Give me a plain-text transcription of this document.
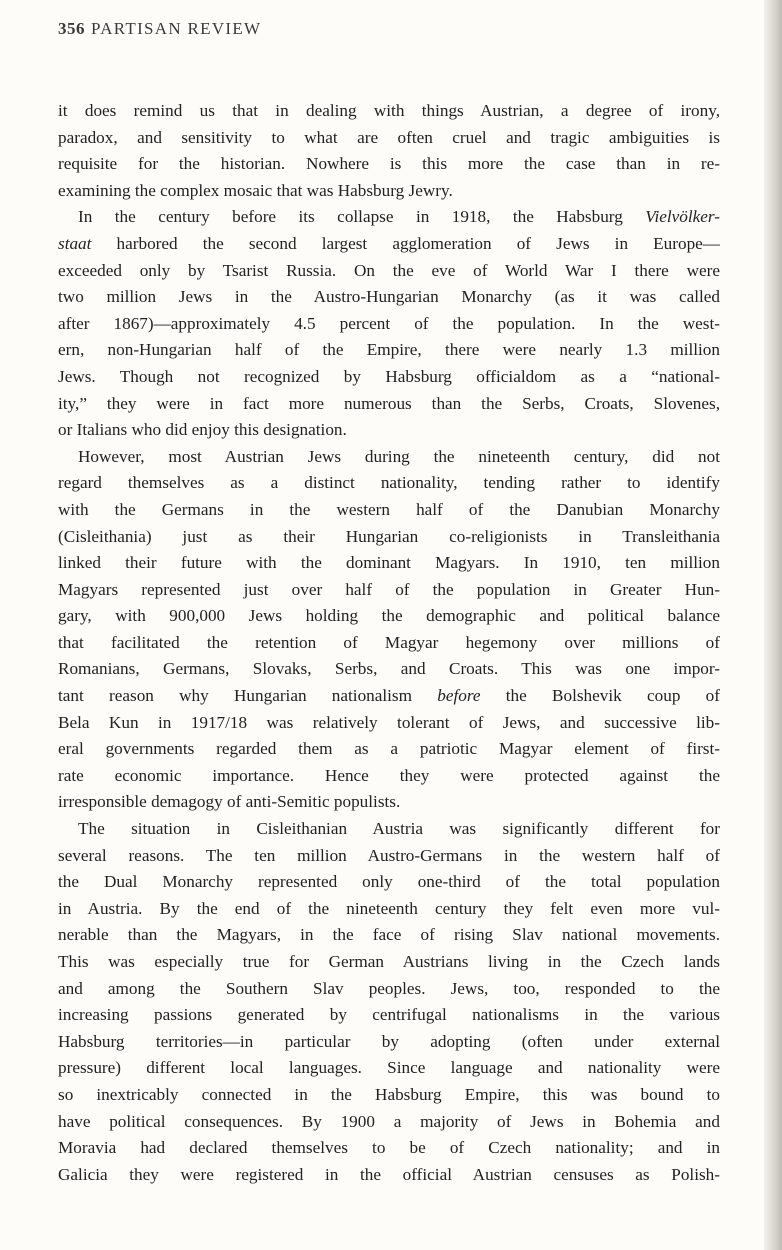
356 PARTISAN REVIEW
it does remind us that in dealing with things Austrian, a degree of irony,
paradox, and sensitivity to what are often cruel and tragic ambiguities is
requisite for the historian. Nowhere is this more the case than in re-
examining the complex mosaic that was Habsburg Jewry.
In the century before its collapse in 1918, the Habsburg Vielvölker-
staat harbored the second largest agglomeration of Jews in Europe—
exceeded only by Tsarist Russia. On the eve of World War I there were
two million Jews in the Austro-Hungarian Monarchy (as it was called
after 1867)—approximately 4.5 percent of the population. In the west-
ern, non-Hungarian half of the Empire, there were nearly 1.3 million
Jews. Though not recognized by Habsburg officialdom as a “national-
ity,” they were in fact more numerous than the Serbs, Croats, Slovenes,
or Italians who did enjoy this designation.
However, most Austrian Jews during the nineteenth century, did not
regard themselves as a distinct nationality, tending rather to identify
with the Germans in the western half of the Danubian Monarchy
(Cisleithania) just as their Hungarian co-religionists in Transleithania
linked their future with the dominant Magyars. In 1910, ten million
Magyars represented just over half of the population in Greater Hun-
gary, with 900,000 Jews holding the demographic and political balance
that facilitated the retention of Magyar hegemony over millions of
Romanians, Germans, Slovaks, Serbs, and Croats. This was one impor-
tant reason why Hungarian nationalism before the Bolshevik coup of
Bela Kun in 1917/18 was relatively tolerant of Jews, and successive lib-
eral governments regarded them as a patriotic Magyar element of first-
rate economic importance. Hence they were protected against the
irresponsible demagogy of anti-Semitic populists.
The situation in Cisleithanian Austria was significantly different for
several reasons. The ten million Austro-Germans in the western half of
the Dual Monarchy represented only one-third of the total population
in Austria. By the end of the nineteenth century they felt even more vul-
nerable than the Magyars, in the face of rising Slav national movements.
This was especially true for German Austrians living in the Czech lands
and among the Southern Slav peoples. Jews, too, responded to the
increasing passions generated by centrifugal nationalisms in the various
Habsburg territories—in particular by adopting (often under external
pressure) different local languages. Since language and nationality were
so inextricably connected in the Habsburg Empire, this was bound to
have political consequences. By 1900 a majority of Jews in Bohemia and
Moravia had declared themselves to be of Czech nationality; and in
Galicia they were registered in the official Austrian censuses as Polish-
